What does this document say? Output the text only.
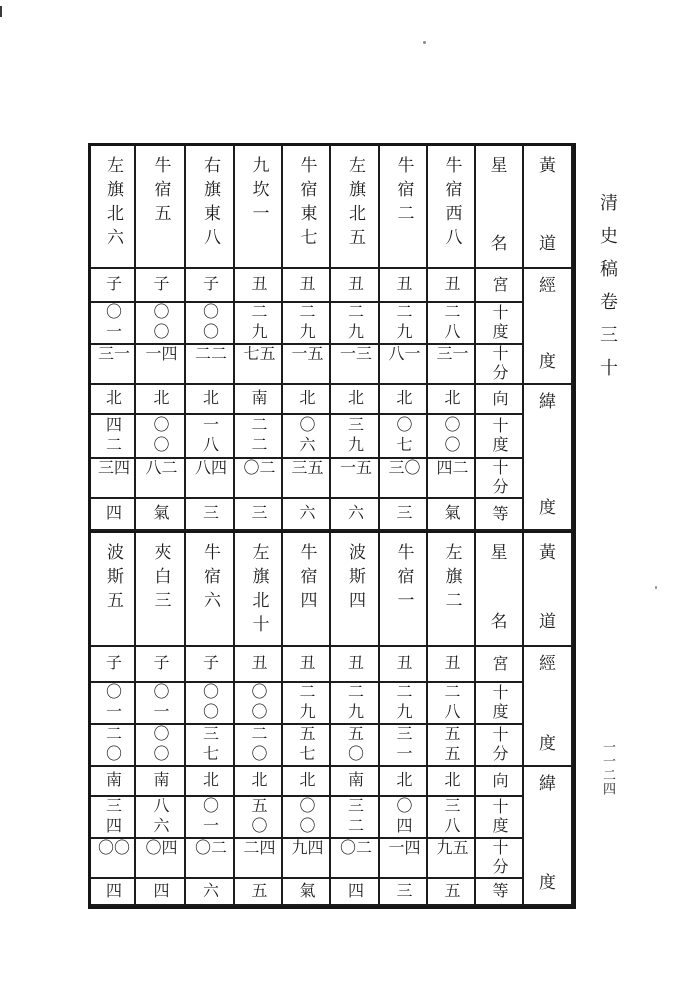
左旗北六
子
〇一
一三
北
四二
四三
四
牛宿五
子
〇〇
四一
北
〇〇
二八
氣
右旗東八
子
〇〇
二二
北
一八
四八
三
九坎一
丑
二九
五七
南
二二
二〇
三
牛宿東七
丑
二九
五一
北
〇六
五三
六
左旗北五
丑
二九
三一
北
三九
五一
六
牛宿二
丑
二九
一八
北
〇七
〇三
三
牛宿西八
丑
二八
一三
北
〇〇
二四
氣
星
名
宮
十度
十分
向
十度
十分
等
黃
道
經
度
緯
度
波斯五
子
〇一
二〇
南
三四
〇〇
四
夾白三
子
〇一
〇〇
南
八六
四〇
四
牛宿六
子
〇〇
三七
北
〇一
二〇
六
左旗北十
丑
〇〇
二〇
北
五〇
四二
五
牛宿四
丑
二九
五七
北
〇〇
四九
氣
波斯四
丑
二九
五〇
南
三二
二〇
四
牛宿一
丑
二九
三一
北
〇四
四一
三
左旗二
丑
二八
五五
北
三八
五九
五
星
名
宮
十度
十分
向
十度
十分
等
黃
道
經
度
緯
度
清史稿卷三十
一一二四
